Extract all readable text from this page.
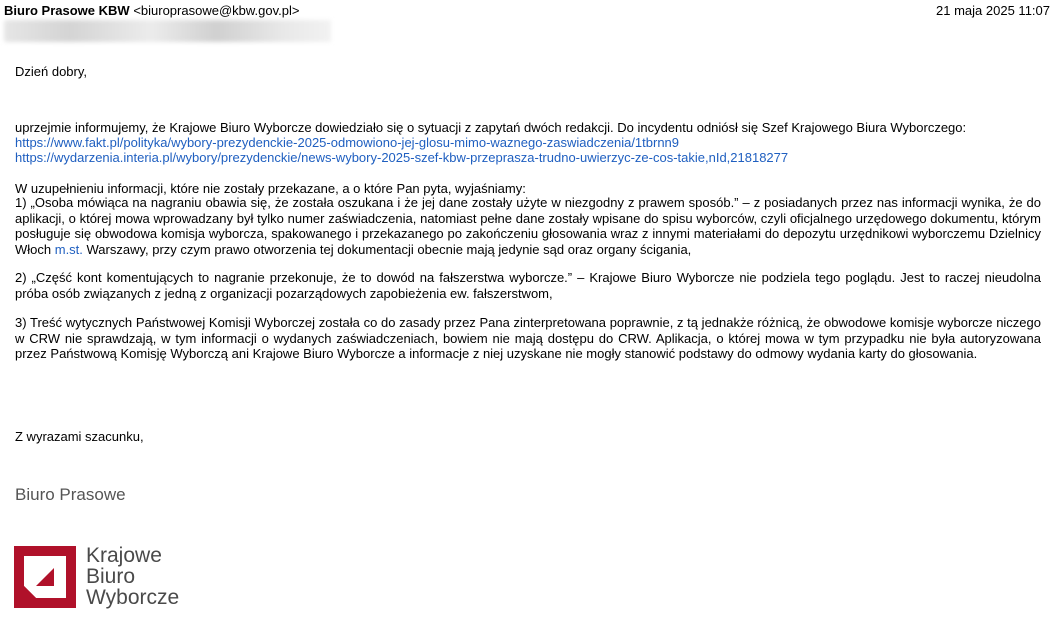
Biuro Prasowe KBW <biuroprasowe@kbw.gov.pl>	21 maja 2025 11:07
Dzień dobry,
uprzejmie informujemy, że Krajowe Biuro Wyborcze dowiedziało się o sytuacji z zapytań dwóch redakcji. Do incydentu odniósł się Szef Krajowego Biura Wyborczego:
https://www.fakt.pl/polityka/wybory-prezydenckie-2025-odmowiono-jej-glosu-mimo-waznego-zaswiadczenia/1tbrnn9
https://wydarzenia.interia.pl/wybory/prezydenckie/news-wybory-2025-szef-kbw-przeprasza-trudno-uwierzyc-ze-cos-takie,nId,21818277
W uzupełnieniu informacji, które nie zostały przekazane, a o które Pan pyta, wyjaśniamy:
1) „Osoba mówiąca na nagraniu obawia się, że została oszukana i że jej dane zostały użyte w niezgodny z prawem sposób.” – z posiadanych przez nas informacji wynika, że do aplikacji, o której mowa wprowadzany był tylko numer zaświadczenia, natomiast pełne dane zostały wpisane do spisu wyborców, czyli oficjalnego urzędowego dokumentu, którym posługuje się obwodowa komisja wyborcza, spakowanego i przekazanego po zakończeniu głosowania wraz z innymi materiałami do depozytu urzędnikowi wyborczemu Dzielnicy Włoch m.st. Warszawy, przy czym prawo otworzenia tej dokumentacji obecnie mają jedynie sąd oraz organy ścigania,
2) „Część kont komentujących to nagranie przekonuje, że to dowód na fałszerstwa wyborcze.” – Krajowe Biuro Wyborcze nie podziela tego poglądu. Jest to raczej nieudolna próba osób związanych z jedną z organizacji pozarządowych zapobieżenia ew. fałszerstwom,
3) Treść wytycznych Państwowej Komisji Wyborczej została co do zasady przez Pana zinterpretowana poprawnie, z tą jednakże różnicą, że obwodowe komisje wyborcze niczego w CRW nie sprawdzają, w tym informacji o wydanych zaświadczeniach, bowiem nie mają dostępu do CRW. Aplikacja, o której mowa w tym przypadku nie była autoryzowana przez Państwową Komisję Wyborczą ani Krajowe Biuro Wyborcze a informacje z niej uzyskane nie mogły stanowić podstawy do odmowy wydania karty do głosowania.
Z wyrazami szacunku,
Biuro Prasowe
Krajowe
Biuro
Wyborcze
